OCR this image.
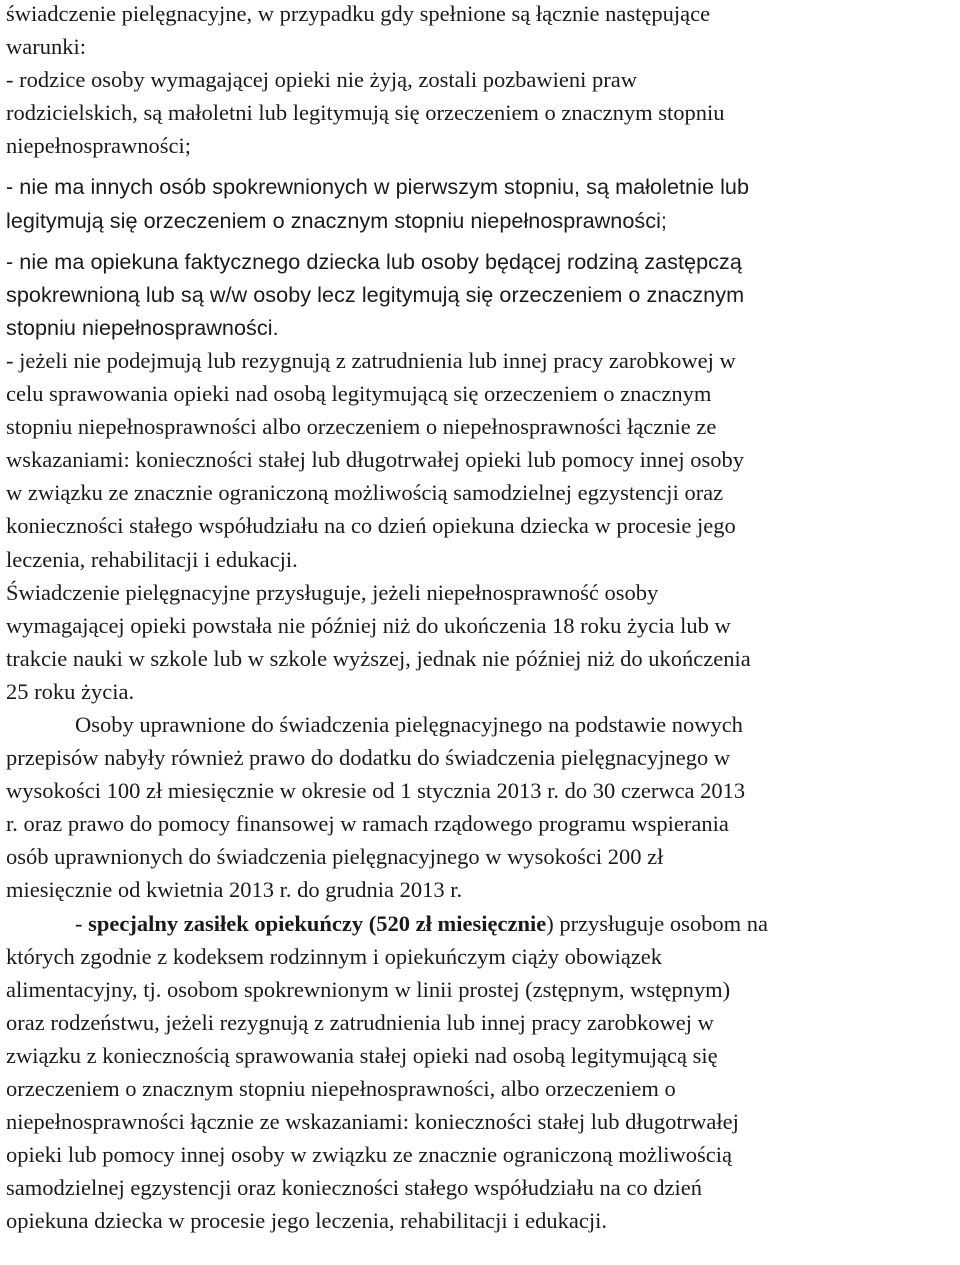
świadczenie pielęgnacyjne, w przypadku gdy spełnione są łącznie następujące
warunki:
- rodzice osoby wymagającej opieki nie żyją, zostali pozbawieni praw
rodzicielskich, są małoletni lub legitymują się orzeczeniem o znacznym stopniu
niepełnosprawności;
- nie ma innych osób spokrewnionych w pierwszym stopniu, są małoletnie lub
legitymują się orzeczeniem o znacznym stopniu niepełnosprawności;
- nie ma opiekuna faktycznego dziecka lub osoby będącej rodziną zastępczą
spokrewnioną lub są w/w osoby lecz legitymują się orzeczeniem o znacznym
stopniu niepełnosprawności.
- jeżeli nie podejmują lub rezygnują z zatrudnienia lub innej pracy zarobkowej w
celu sprawowania opieki nad osobą legitymującą się orzeczeniem o znacznym
stopniu niepełnosprawności albo orzeczeniem o niepełnosprawności łącznie ze
wskazaniami: konieczności stałej lub długotrwałej opieki lub pomocy innej osoby
w związku ze znacznie ograniczoną możliwością samodzielnej egzystencji oraz
konieczności stałego współudziału na co dzień opiekuna dziecka w procesie jego
leczenia, rehabilitacji i edukacji.
Świadczenie pielęgnacyjne przysługuje, jeżeli niepełnosprawność osoby
wymagającej opieki powstała nie później niż do ukończenia 18 roku życia lub w
trakcie nauki w szkole lub w szkole wyższej, jednak nie później niż do ukończenia
25 roku życia.
Osoby uprawnione do świadczenia pielęgnacyjnego na podstawie nowych
przepisów nabyły również prawo do dodatku do świadczenia pielęgnacyjnego w
wysokości 100 zł miesięcznie w okresie od 1 stycznia 2013 r. do 30 czerwca 2013
r. oraz prawo do pomocy finansowej w ramach rządowego programu wspierania
osób uprawnionych do świadczenia pielęgnacyjnego w wysokości 200 zł
miesięcznie od kwietnia 2013 r. do grudnia 2013 r.
- specjalny zasiłek opiekuńczy (520 zł miesięcznie) przysługuje osobom na
których zgodnie z kodeksem rodzinnym i opiekuńczym ciąży obowiązek
alimentacyjny, tj. osobom spokrewnionym w linii prostej (zstępnym, wstępnym)
oraz rodzeństwu, jeżeli rezygnują z zatrudnienia lub innej pracy zarobkowej w
związku z koniecznością sprawowania stałej opieki nad osobą legitymującą się
orzeczeniem o znacznym stopniu niepełnosprawności, albo orzeczeniem o
niepełnosprawności łącznie ze wskazaniami: konieczności stałej lub długotrwałej
opieki lub pomocy innej osoby w związku ze znacznie ograniczoną możliwością
samodzielnej egzystencji oraz konieczności stałego współudziału na co dzień
opiekuna dziecka w procesie jego leczenia, rehabilitacji i edukacji.
